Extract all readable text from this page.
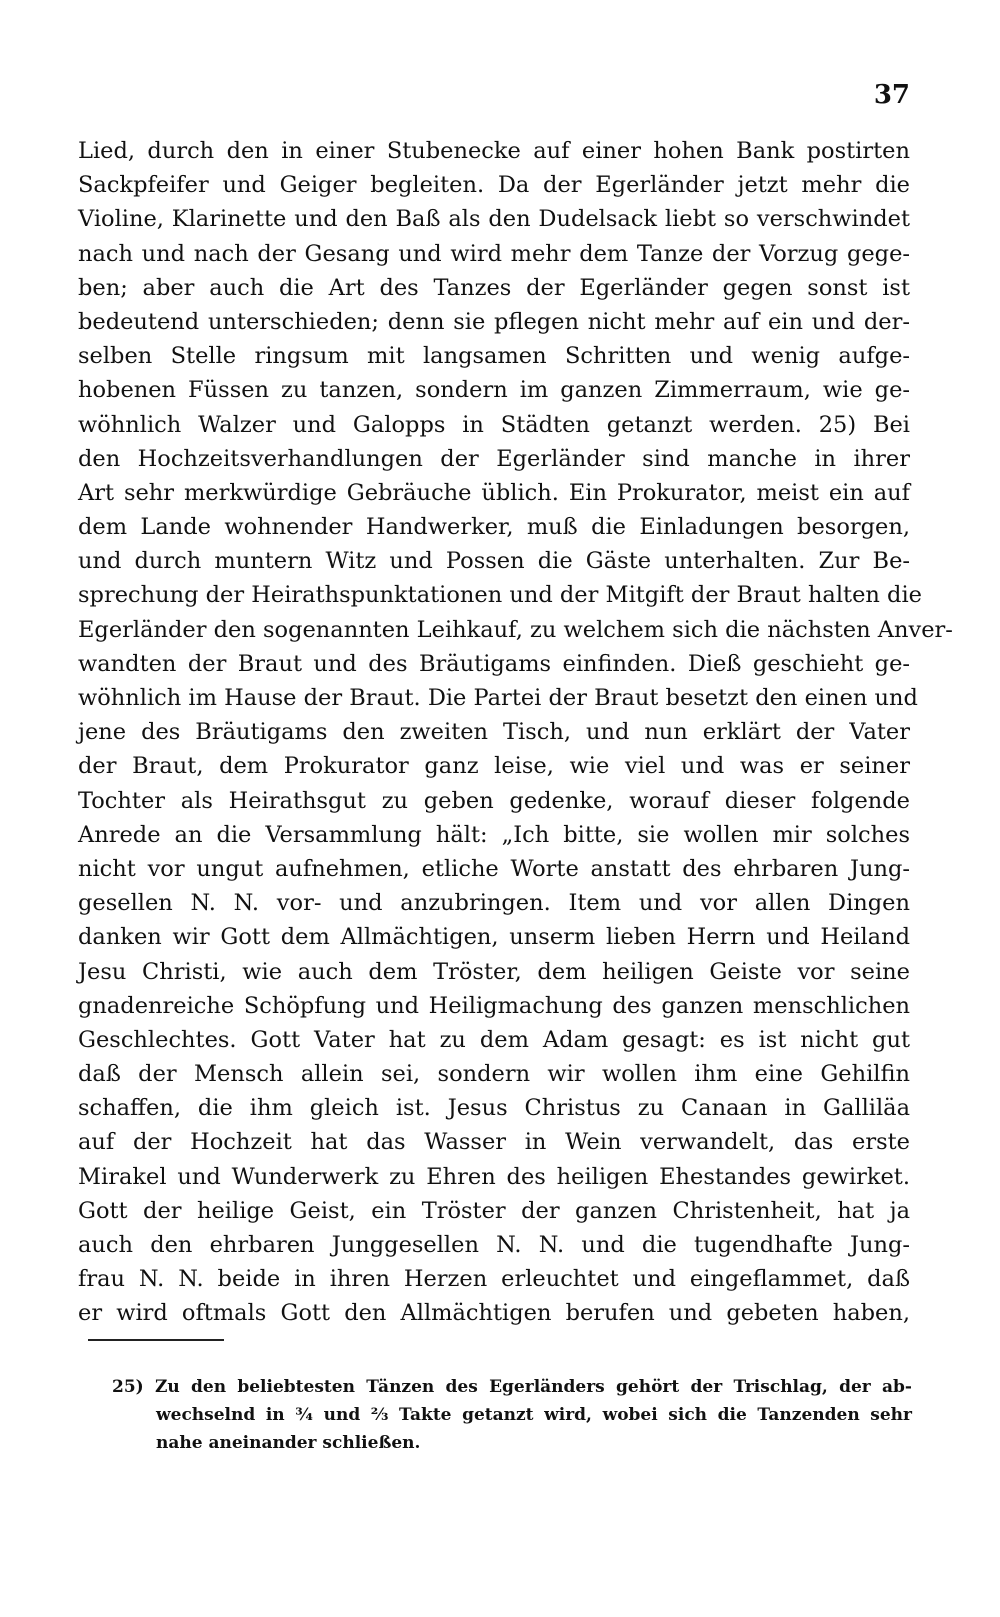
37
Lied, durch den in einer Stubenecke auf einer hohen Bank postirten
Sackpfeifer und Geiger begleiten. Da der Egerländer jetzt mehr die
Violine, Klarinette und den Baß als den Dudelsack liebt so verschwindet
nach und nach der Gesang und wird mehr dem Tanze der Vorzug gege-
ben; aber auch die Art des Tanzes der Egerländer gegen sonst ist
bedeutend unterschieden; denn sie pflegen nicht mehr auf ein und der-
selben Stelle ringsum mit langsamen Schritten und wenig aufge-
hobenen Füssen zu tanzen, sondern im ganzen Zimmerraum, wie ge-
wöhnlich Walzer und Galopps in Städten getanzt werden. 25) Bei
den Hochzeitsverhandlungen der Egerländer sind manche in ihrer
Art sehr merkwürdige Gebräuche üblich. Ein Prokurator, meist ein auf
dem Lande wohnender Handwerker, muß die Einladungen besorgen,
und durch muntern Witz und Possen die Gäste unterhalten. Zur Be-
sprechung der Heirathspunktationen und der Mitgift der Braut halten die
Egerländer den sogenannten Leihkauf, zu welchem sich die nächsten Anver-
wandten der Braut und des Bräutigams einfinden. Dieß geschieht ge-
wöhnlich im Hause der Braut. Die Partei der Braut besetzt den einen und
jene des Bräutigams den zweiten Tisch, und nun erklärt der Vater
der Braut, dem Prokurator ganz leise, wie viel und was er seiner
Tochter als Heirathsgut zu geben gedenke, worauf dieser folgende
Anrede an die Versammlung hält: „Ich bitte, sie wollen mir solches
nicht vor ungut aufnehmen, etliche Worte anstatt des ehrbaren Jung-
gesellen N. N. vor- und anzubringen. Item und vor allen Dingen
danken wir Gott dem Allmächtigen, unserm lieben Herrn und Heiland
Jesu Christi, wie auch dem Tröster, dem heiligen Geiste vor seine
gnadenreiche Schöpfung und Heiligmachung des ganzen menschlichen
Geschlechtes. Gott Vater hat zu dem Adam gesagt: es ist nicht gut
daß der Mensch allein sei, sondern wir wollen ihm eine Gehilfin
schaffen, die ihm gleich ist. Jesus Christus zu Canaan in Galliläa
auf der Hochzeit hat das Wasser in Wein verwandelt, das erste
Mirakel und Wunderwerk zu Ehren des heiligen Ehestandes gewirket.
Gott der heilige Geist, ein Tröster der ganzen Christenheit, hat ja
auch den ehrbaren Junggesellen N. N. und die tugendhafte Jung-
frau N. N. beide in ihren Herzen erleuchtet und eingeflammet, daß
er wird oftmals Gott den Allmächtigen berufen und gebeten haben,
25) Zu den beliebtesten Tänzen des Egerländers gehört der Trischlag, der ab-
wechselnd in ¾ und ⅔ Takte getanzt wird, wobei sich die Tanzenden sehr
nahe aneinander schließen.
